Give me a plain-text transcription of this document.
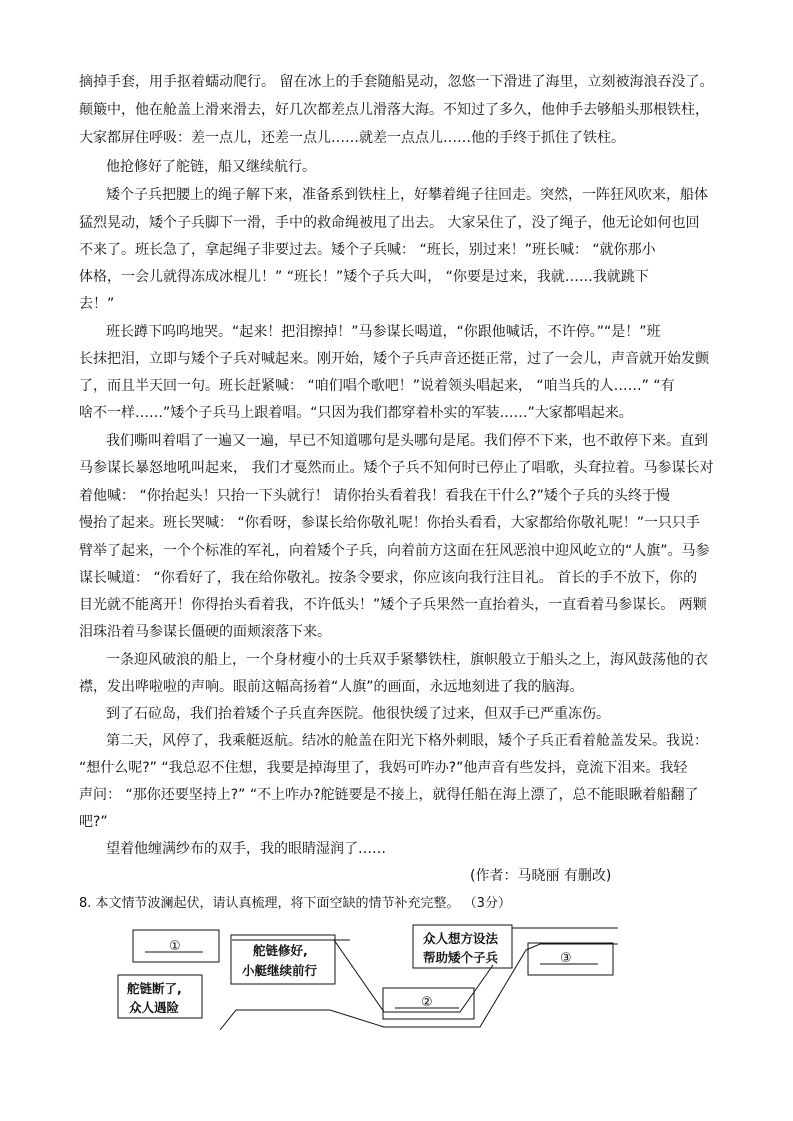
摘掉手套，用手抠着蠕动爬行。 留在冰上的手套随船晃动，忽悠一下滑进了海里，立刻被海浪吞没了。
颠簸中，他在舱盖上滑来滑去，好几次都差点儿滑落大海。不知过了多久，他伸手去够船头那根铁柱，
大家都屏住呼吸：差一点儿，还差一点儿……就差一点点儿……他的手终于抓住了铁柱。
他抢修好了舵链，船又继续航行。
矮个子兵把腰上的绳子解下来，准备系到铁柱上，好攀着绳子往回走。突然，一阵狂风吹来，船体
猛烈晃动，矮个子兵脚下一滑，手中的救命绳被甩了出去。 大家呆住了，没了绳子，他无论如何也回
不来了。班长急了，拿起绳子非要过去。矮个子兵喊： “班长，别过来！”班长喊： “就你那小
体格，一会儿就得冻成冰棍儿！” “班长！”矮个子兵大叫， “你要是过来，我就……我就跳下
去！”
班长蹲下呜呜地哭。“起来！把泪擦掉！”马参谋长喝道，“你跟他喊话，不许停。”“是！”班
长抹把泪，立即与矮个子兵对喊起来。刚开始，矮个子兵声音还挺正常，过了一会儿，声音就开始发颤
了，而且半天回一句。班长赶紧喊： “咱们唱个歌吧！”说着领头唱起来， “咱当兵的人……” “有
啥不一样……”矮个子兵马上跟着唱。“只因为我们都穿着朴实的军装……”大家都唱起来。
我们嘶叫着唱了一遍又一遍，早已不知道哪句是头哪句是尾。我们停不下来，也不敢停下来。直到
马参谋长暴怒地吼叫起来， 我们才戛然而止。矮个子兵不知何时已停止了唱歌，头耷拉着。马参谋长对
着他喊： “你抬起头！只抬一下头就行！ 请你抬头看着我！看我在干什么?”矮个子兵的头终于慢
慢抬了起来。班长哭喊： “你看呀，参谋长给你敬礼呢！你抬头看看，大家都给你敬礼呢！”一只只手
臂举了起来，一个个标准的军礼，向着矮个子兵，向着前方这面在狂风恶浪中迎风屹立的“人旗”。马参
谋长喊道： “你看好了，我在给你敬礼。按条令要求，你应该向我行注目礼。 首长的手不放下，你的
目光就不能离开！你得抬头看着我，不许低头！”矮个子兵果然一直抬着头，一直看着马参谋长。 两颗
泪珠沿着马参谋长僵硬的面颊滚落下来。
一条迎风破浪的船上，一个身材瘦小的士兵双手紧攀铁柱，旗帜般立于船头之上，海风鼓荡他的衣
襟，发出哗啦啦的声响。眼前这幅高扬着“人旗”的画面，永远地刻进了我的脑海。
到了石砬岛，我们抬着矮个子兵直奔医院。他很快缓了过来，但双手已严重冻伤。
第二天，风停了，我乘艇返航。结冰的舱盖在阳光下格外刺眼，矮个子兵正看着舱盖发呆。我说：
“想什么呢?” “我总忍不住想，我要是掉海里了，我妈可咋办?”他声音有些发抖，竟流下泪来。我轻
声问： “那你还要坚持上?” “不上咋办?舵链要是不接上，就得任船在海上漂了，总不能眼瞅着船翻了
吧?”
望着他缠满纱布的双手，我的眼睛湿润了……
(作者：马晓丽 有删改)
8. 本文情节波澜起伏，请认真梳理，将下面空缺的情节补充完整。 （3分）
①
②
③
舵链断了,
众人遇险
舵链修好,
小艇继续前行
众人想方设法
帮助矮个子兵
